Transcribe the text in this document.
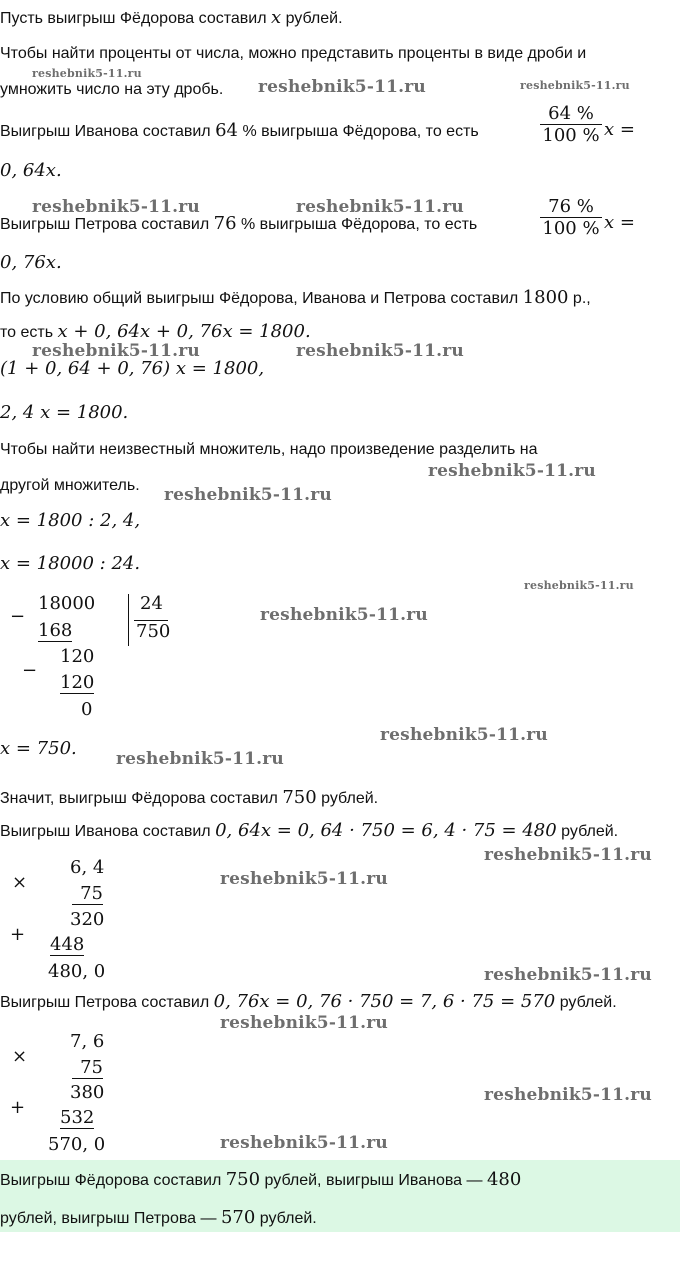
Пусть выигрыш Фёдорова составил x рублей.
Чтобы найти проценты от числа, можно представить проценты в виде дроби и
умножить число на эту дробь.
Выигрыш Иванова составил 64 % выигрыша Фёдорова, то есть	$\frac{64 \%}{100 \%}$ x =
0, 64x.
Выигрыш Петрова составил 76 % выигрыша Фёдорова, то есть	$\frac{76 \%}{100 \%}$ x =
0, 76x.
По условию общий выигрыш Фёдорова, Иванова и Петрова составил 1800 р.,
то есть x + 0, 64x + 0, 76x = 1800.
(1 + 0, 64 + 0, 76) x = 1800,
2, 4 x = 1800.
Чтобы найти неизвестный множитель, надо произведение разделить на
другой множитель.
x = 1800 : 2, 4,
x = 18000 : 24.
−
18000 24
750
168
−
120
120
0
x = 750.
Значит, выигрыш Фёдорова составил 750 рублей.
Выигрыш Иванова составил 0, 64x = 0, 64 · 750 = 6, 4 · 75 = 480 рублей.
×
6, 4
75
320
+ 448
480, 0
Выигрыш Петрова составил 0, 76x = 0, 76 · 750 = 7, 6 · 75 = 570 рублей.
×
7, 6
75
380
+ 532
570, 0
Выигрыш Фёдорова составил 750 рублей, выигрыш Иванова — 480
рублей, выигрыш Петрова — 570 рублей.
reshebnik5-11.ru
reshebnik5-11.ru	reshebnik5-11.ru
reshebnik5-11.ru	reshebnik5-11.ru
reshebnik5-11.ru	reshebnik5-11.ru
reshebnik5-11.ru
reshebnik5-11.ru
reshebnik5-11.ru
reshebnik5-11.ru
reshebnik5-11.ru
reshebnik5-11.ru
reshebnik5-11.ru
reshebnik5-11.ru
reshebnik5-11.ru
reshebnik5-11.ru
reshebnik5-11.ru
reshebnik5-11.ru
